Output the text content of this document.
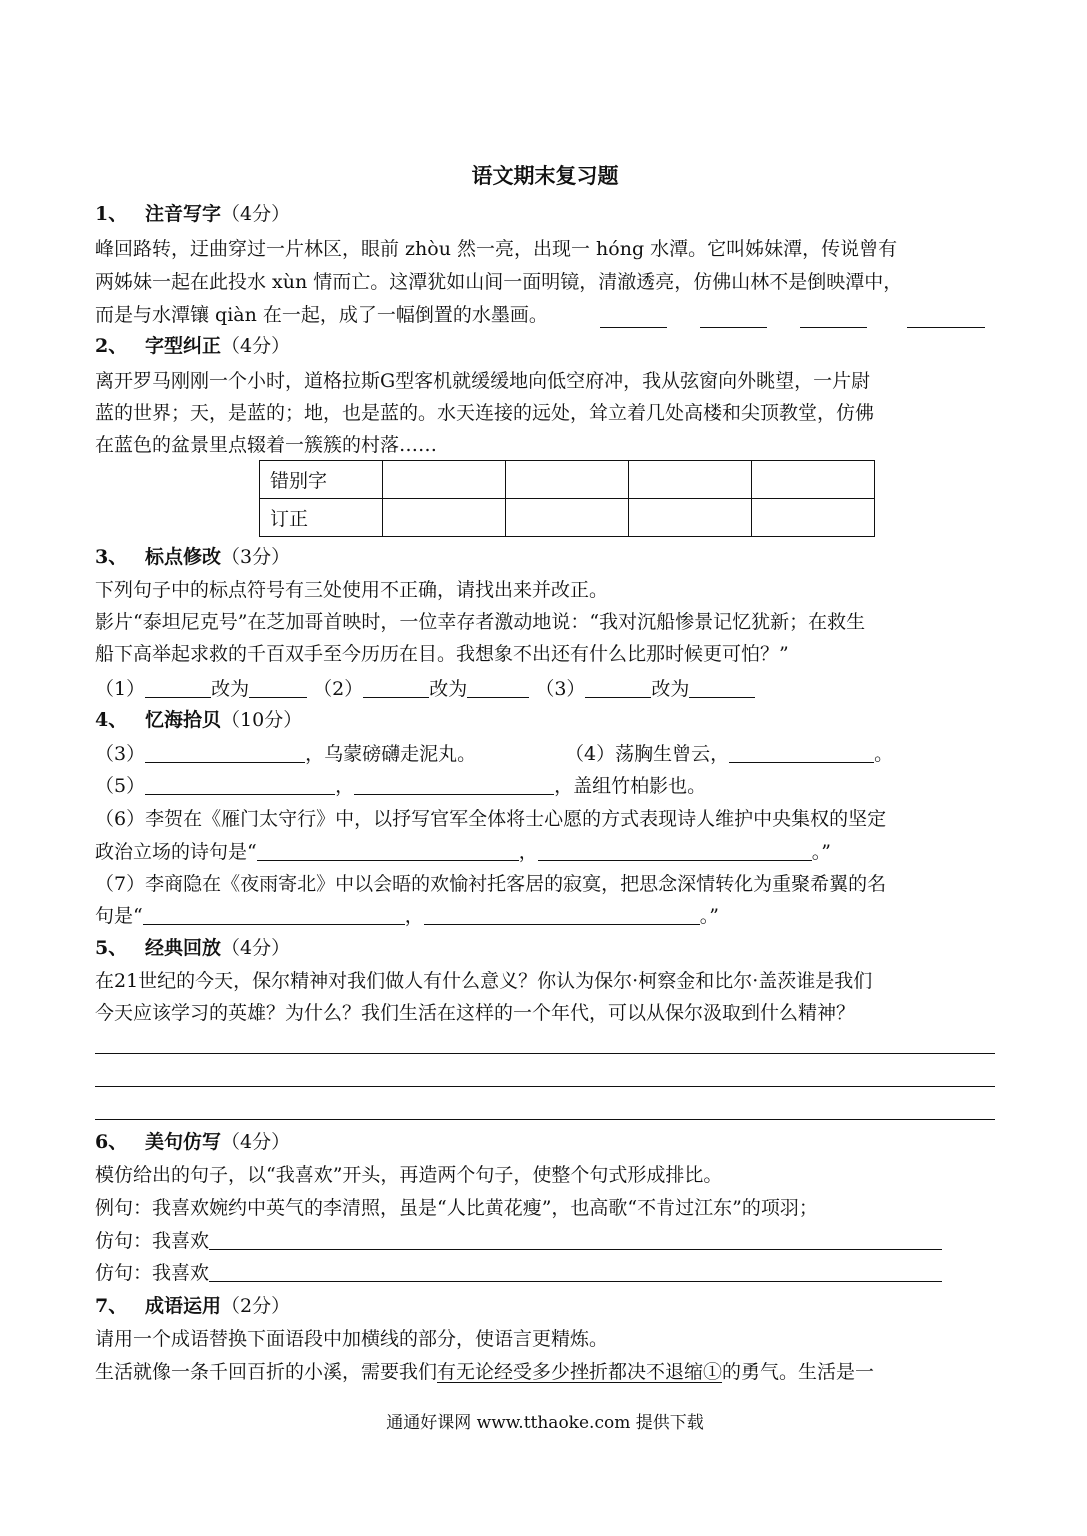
语文期末复习题
1、 注音写字（4分）
峰回路转，迂曲穿过一片林区，眼前 zhòu 然一亮，出现一 hóng 水潭。它叫姊妹潭，传说曾有
两姊妹一起在此投水 xùn 情而亡。这潭犹如山间一面明镜，清澈透亮，仿佛山林不是倒映潭中，
而是与水潭镶 qiàn 在一起，成了一幅倒置的水墨画。
2、 字型纠正（4分）
离开罗马刚刚一个小时，道格拉斯G型客机就缓缓地向低空府冲，我从弦窗向外眺望，一片尉
蓝的世界；天，是蓝的；地，也是蓝的。水天连接的远处，耸立着几处高楼和尖顶教堂，仿佛
在蓝色的盆景里点辍着一簇簇的村落……
错别字				
订正				
3、 标点修改（3分）
下列句子中的标点符号有三处使用不正确，请找出来并改正。
影片“泰坦尼克号”在芝加哥首映时，一位幸存者激动地说：“我对沉船惨景记忆犹新；在救生
船下高举起求救的千百双手至今历历在目。我想象不出还有什么比那时候更可怕？”
（1）	改为	（2）	改为	（3）	改为
4、 忆海拾贝（10分）
（3）	，乌蒙磅礴走泥丸。	（4）荡胸生曾云，	。
（5）	，	，盖组竹柏影也。
（6）李贺在《雁门太守行》中，以抒写官军全体将士心愿的方式表现诗人维护中央集权的坚定
政治立场的诗句是“	，	。”
（7）李商隐在《夜雨寄北》中以会晤的欢愉衬托客居的寂寞，把思念深情转化为重聚希翼的名
句是“	，	。”
5、 经典回放（4分）
在21世纪的今天，保尔精神对我们做人有什么意义？你认为保尔·柯察金和比尔·盖茨谁是我们
今天应该学习的英雄？为什么？我们生活在这样的一个年代，可以从保尔汲取到什么精神？
6、 美句仿写（4分）
模仿给出的句子，以“我喜欢”开头，再造两个句子，使整个句式形成排比。
例句：我喜欢婉约中英气的李清照，虽是“人比黄花瘦”，也高歌“不肯过江东”的项羽；
仿句：我喜欢
仿句：我喜欢
7、 成语运用（2分）
请用一个成语替换下面语段中加横线的部分，使语言更精炼。
生活就像一条千回百折的小溪，需要我们有无论经受多少挫折都决不退缩①的勇气。生活是一
通通好课网 www.tthaoke.com 提供下载
